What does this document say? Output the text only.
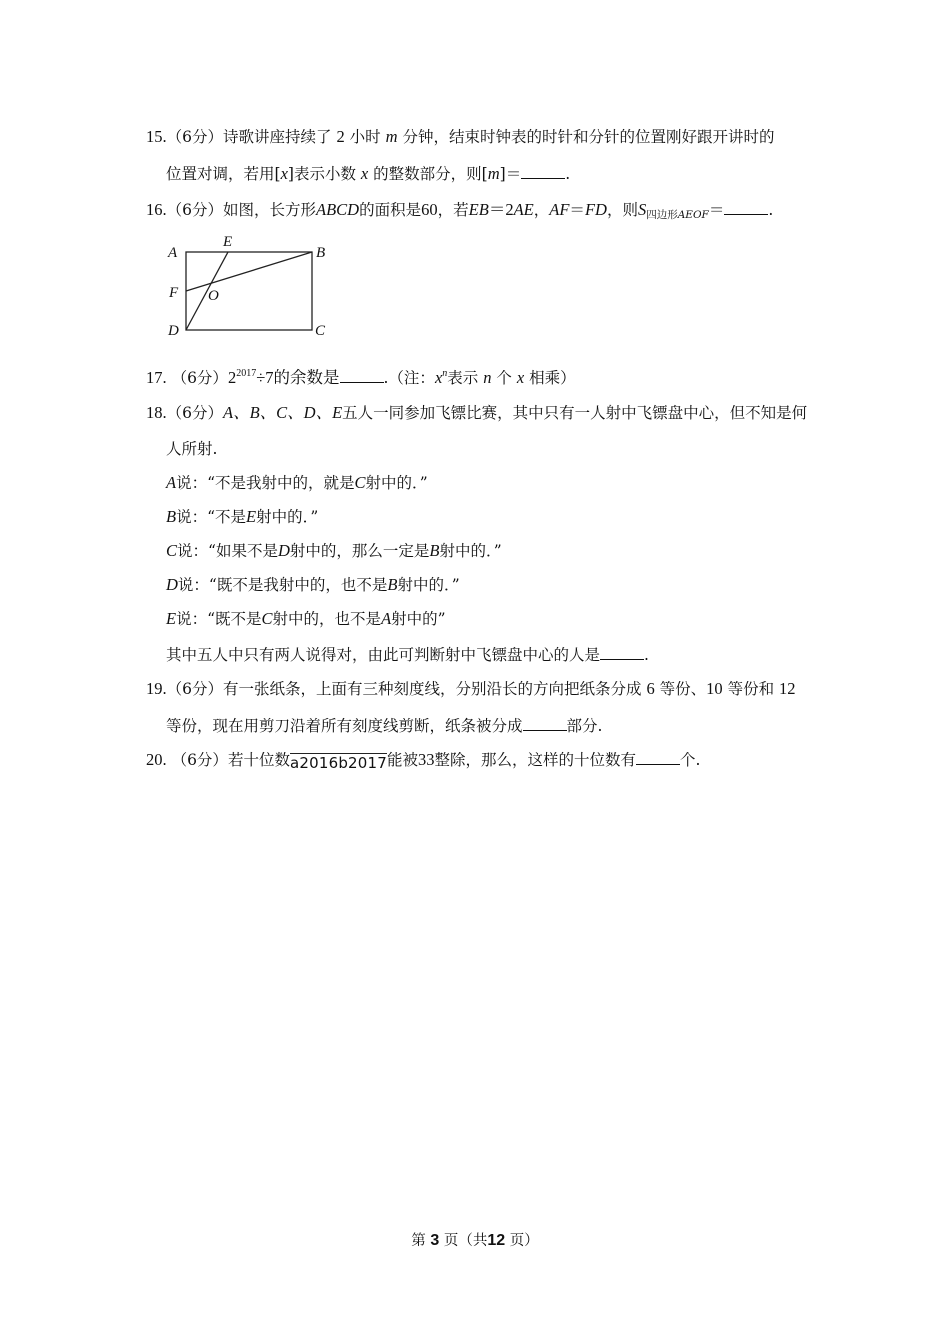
15.（6分）诗歌讲座持续了 2 小时 m 分钟，结束时钟表的时针和分针的位置刚好跟开讲时的
位置对调，若用[x]表示小数 x 的整数部分，则[m]＝	.
16.（6分）如图，长方形ABCD的面积是60，若EB＝2AE，AF＝FD，则$S_{四边形AEOF}=$	.
A
E
B
F O
D	C
17. （6分）$2^{2017}\div 7$的余数是	.（注：$x^n$表示 n 个 x 相乘）
18.（6分）A、B、C、D、E五人一同参加飞镖比赛，其中只有一人射中飞镖盘中心，但不知是何
人所射.
A说：“不是我射中的，就是C射中的．”
B说：“不是E射中的．”
C说：“如果不是D射中的，那么一定是B射中的．”
D说：“既不是我射中的，也不是B射中的．”
E说：“既不是C射中的，也不是A射中的”
其中五人中只有两人说得对，由此可判断射中飞镖盘中心的人是	.
19.（6分）有一张纸条，上面有三种刻度线，分别沿长的方向把纸条分成 6 等份、10 等份和 12
等份，现在用剪刀沿着所有刻度线剪断，纸条被分成	部分.
20. （6分）若十位数a2016b2017能被33整除，那么，这样的十位数有	个.
第 3 页（共12 页）
